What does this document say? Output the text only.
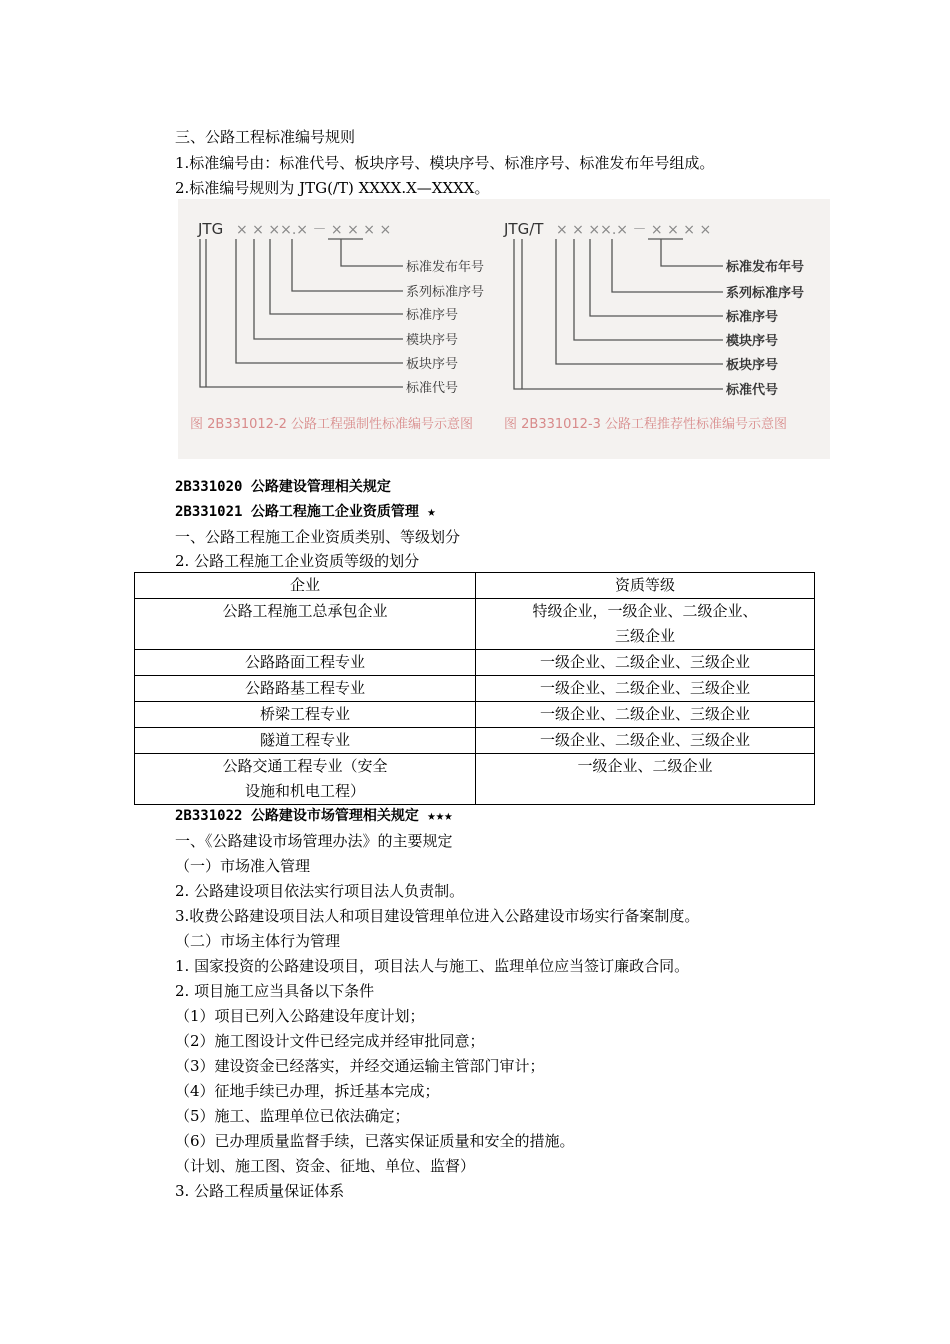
三、公路工程标准编号规则
1.标准编号由：标准代号、板块序号、模块序号、标准序号、标准发布年号组成。
2.标准编号规则为 JTG(/T) XXXX.X—XXXX。
JTG × × ××.× － × × × ×
标准发布年号
系列标准序号
标准序号
模块序号
板块序号
标准代号
图 2B331012-2 公路工程强制性标准编号示意图
JTG/T × × ××.× － × × × ×
标准发布年号
系列标准序号
标准序号
模块序号
板块序号
标准代号
图 2B331012-3 公路工程推荐性标准编号示意图
2B331020 公路建设管理相关规定
2B331021 公路工程施工企业资质管理 ★
一、公路工程施工企业资质类别、等级划分
2. 公路工程施工企业资质等级的划分
企业	资质等级
公路工程施工总承包企业	特级企业，一级企业、二级企业、
三级企业
公路路面工程专业	一级企业、二级企业、三级企业
公路路基工程专业	一级企业、二级企业、三级企业
桥梁工程专业	一级企业、二级企业、三级企业
隧道工程专业	一级企业、二级企业、三级企业
公路交通工程专业（安全
设施和机电工程）	一级企业、二级企业
2B331022 公路建设市场管理相关规定 ★★★
一、《公路建设市场管理办法》的主要规定
（一）市场准入管理
2. 公路建设项目依法实行项目法人负责制。
3.收费公路建设项目法人和项目建设管理单位进入公路建设市场实行备案制度。
（二）市场主体行为管理
1. 国家投资的公路建设项目，项目法人与施工、监理单位应当签订廉政合同。
2. 项目施工应当具备以下条件
（1）项目已列入公路建设年度计划；
（2）施工图设计文件已经完成并经审批同意；
（3）建设资金已经落实，并经交通运输主管部门审计；
（4）征地手续已办理，拆迁基本完成；
（5）施工、监理单位已依法确定；
（6）已办理质量监督手续，已落实保证质量和安全的措施。
（计划、施工图、资金、征地、单位、监督）
3. 公路工程质量保证体系
